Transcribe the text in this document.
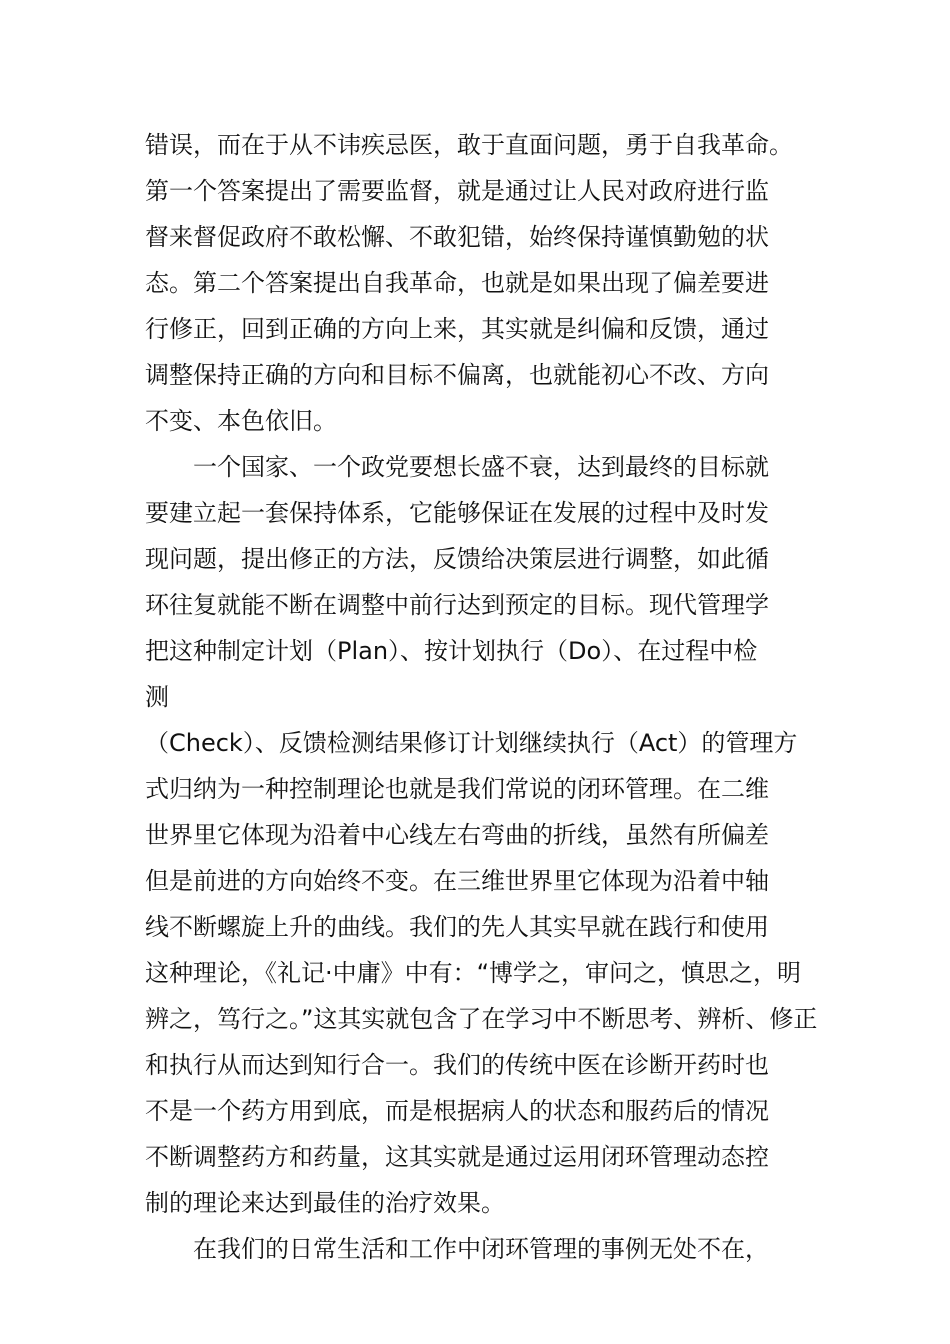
错误，而在于从不讳疾忌医，敢于直面问题，勇于自我革命。
第一个答案提出了需要监督，就是通过让人民对政府进行监
督来督促政府不敢松懈、不敢犯错，始终保持谨慎勤勉的状
态。第二个答案提出自我革命，也就是如果出现了偏差要进
行修正，回到正确的方向上来，其实就是纠偏和反馈，通过
调整保持正确的方向和目标不偏离，也就能初心不改、方向
不变、本色依旧。
　　一个国家、一个政党要想长盛不衰，达到最终的目标就
要建立起一套保持体系，它能够保证在发展的过程中及时发
现问题，提出修正的方法，反馈给决策层进行调整，如此循
环往复就能不断在调整中前行达到预定的目标。现代管理学
把这种制定计划（Plan）、按计划执行（Do）、在过程中检
测
（Check）、反馈检测结果修订计划继续执行（Act）的管理方
式归纳为一种控制理论也就是我们常说的闭环管理。在二维
世界里它体现为沿着中心线左右弯曲的折线，虽然有所偏差
但是前进的方向始终不变。在三维世界里它体现为沿着中轴
线不断螺旋上升的曲线。我们的先人其实早就在践行和使用
这种理论，《礼记·中庸》中有：“博学之，审问之，慎思之，明
辨之，笃行之。”这其实就包含了在学习中不断思考、辨析、修正
和执行从而达到知行合一。我们的传统中医在诊断开药时也
不是一个药方用到底，而是根据病人的状态和服药后的情况
不断调整药方和药量，这其实就是通过运用闭环管理动态控
制的理论来达到最佳的治疗效果。
　　在我们的日常生活和工作中闭环管理的事例无处不在，
